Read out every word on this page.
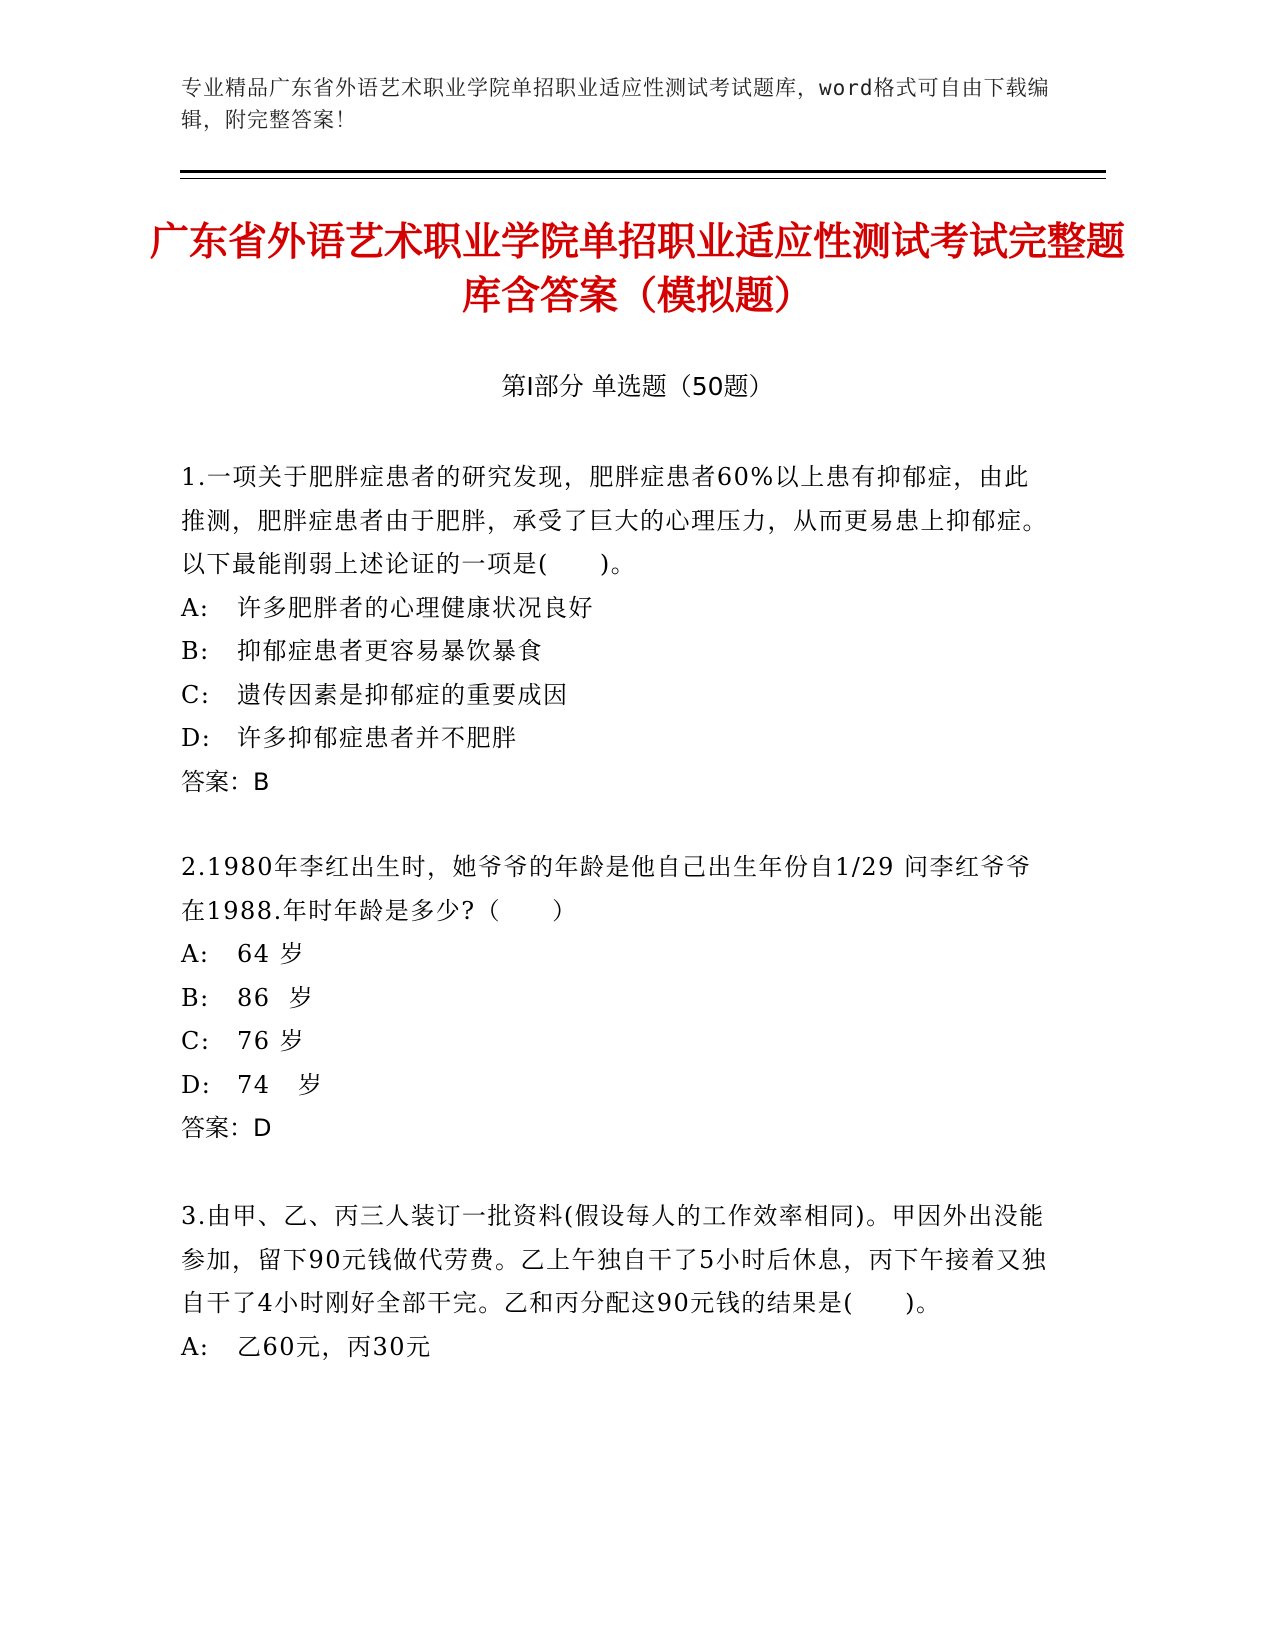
专业精品广东省外语艺术职业学院单招职业适应性测试考试题库，word格式可自由下载编辑，附完整答案！
广东省外语艺术职业学院单招职业适应性测试考试完整题库含答案（模拟题）
第Ⅰ部分 单选题（50题）
1.一项关于肥胖症患者的研究发现，肥胖症患者60%以上患有抑郁症，由此推测，肥胖症患者由于肥胖，承受了巨大的心理压力，从而更易患上抑郁症。以下最能削弱上述论证的一项是(　　)。
A: 许多肥胖者的心理健康状况良好
B: 抑郁症患者更容易暴饮暴食
C: 遗传因素是抑郁症的重要成因
D: 许多抑郁症患者并不肥胖
答案：B
2.1980年李红出生时，她爷爷的年龄是他自己出生年份自1/29 问李红爷爷在1988.年时年龄是多少?（　　）
A: 64 岁
B: 86  岁
C: 76 岁
D: 74   岁
答案：D
3.由甲、乙、丙三人装订一批资料(假设每人的工作效率相同)。甲因外出没能参加，留下90元钱做代劳费。乙上午独自干了5小时后休息，丙下午接着又独自干了4小时刚好全部干完。乙和丙分配这90元钱的结果是(　　)。
A: 乙60元，丙30元
